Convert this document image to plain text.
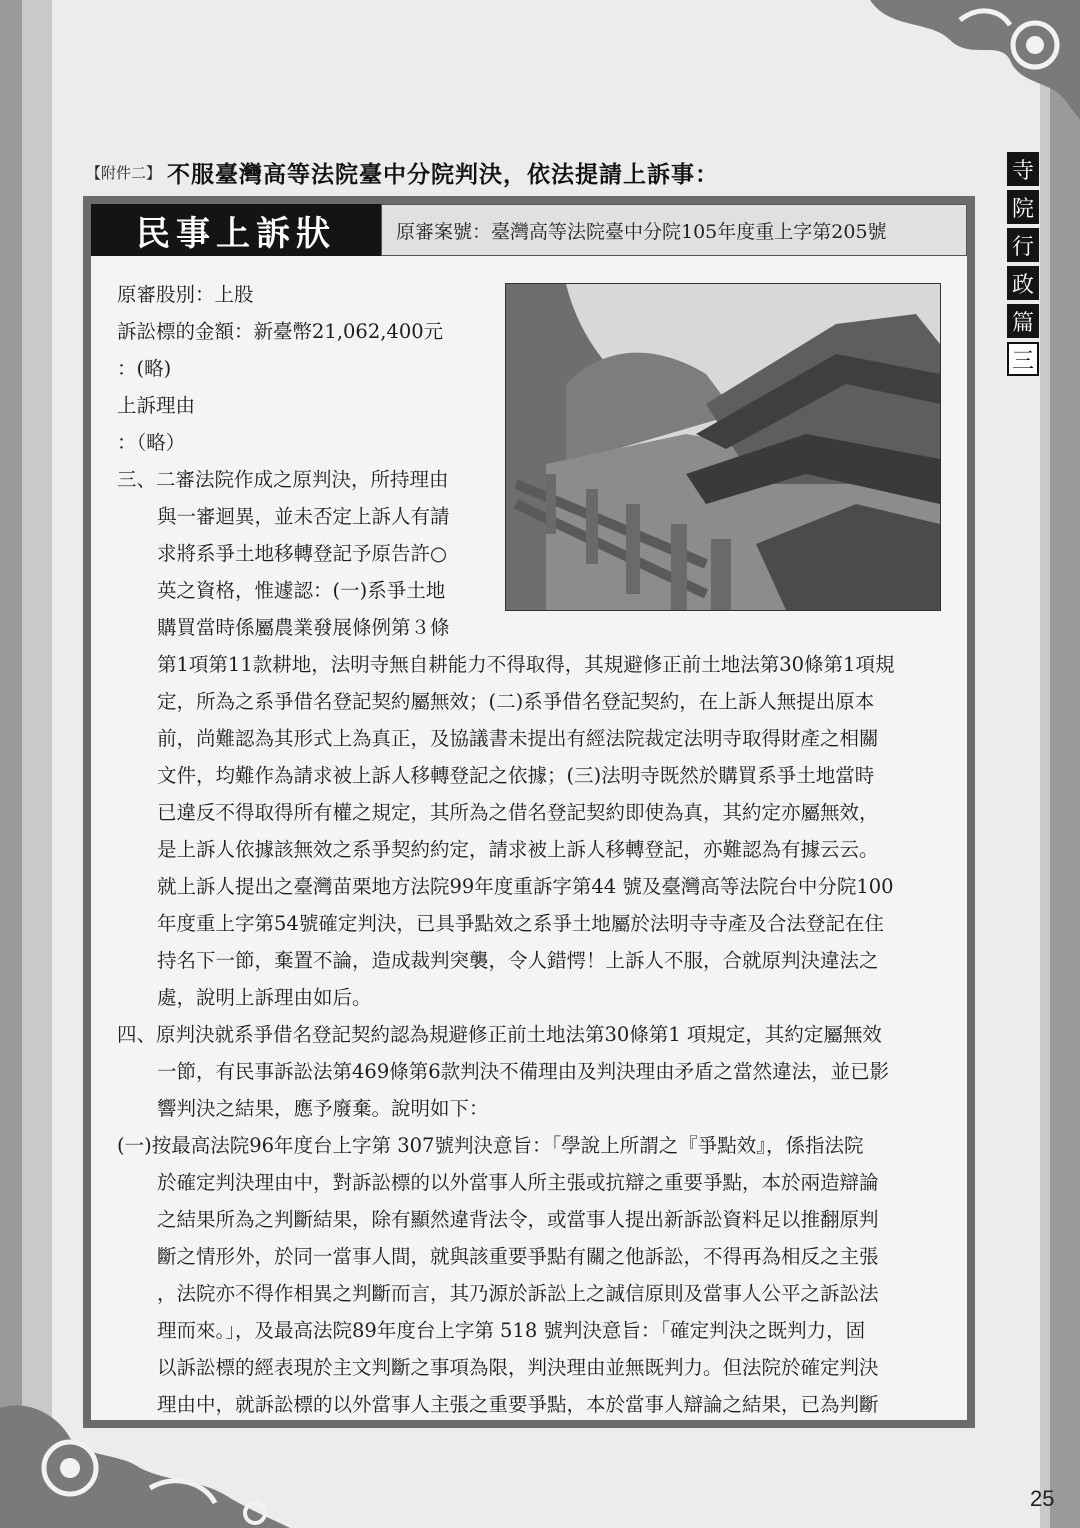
【附件二】 不服臺灣高等法院臺中分院判決，依法提請上訴事：	寺
院
行
政
篇
三
民事上訴狀	原審案號：臺灣高等法院臺中分院105年度重上字第205號
原審股別：上股
訴訟標的金額：新臺幣21,062,400元
：(略)
上訴理由
：（略）
三、二審法院作成之原判決，所持理由
與一審迴異，並未否定上訴人有請
求將系爭土地移轉登記予原告許○
英之資格，惟遽認：(一)系爭土地
購買當時係屬農業發展條例第３條
第1項第11款耕地，法明寺無自耕能力不得取得，其規避修正前土地法第30條第1項規
定，所為之系爭借名登記契約屬無效；(二)系爭借名登記契約，在上訴人無提出原本
前，尚難認為其形式上為真正，及協議書未提出有經法院裁定法明寺取得財產之相關
文件，均難作為請求被上訴人移轉登記之依據；(三)法明寺既然於購買系爭土地當時
已違反不得取得所有權之規定，其所為之借名登記契約即使為真，其約定亦屬無效，
是上訴人依據該無效之系爭契約約定，請求被上訴人移轉登記，亦難認為有據云云。
就上訴人提出之臺灣苗栗地方法院99年度重訴字第44 號及臺灣高等法院台中分院100
年度重上字第54號確定判決，已具爭點效之系爭土地屬於法明寺寺產及合法登記在住
持名下一節，棄置不論，造成裁判突襲，令人錯愕！上訴人不服，合就原判決違法之
處，說明上訴理由如后。
四、原判決就系爭借名登記契約認為規避修正前土地法第30條第1 項規定，其約定屬無效
一節，有民事訴訟法第469條第6款判決不備理由及判決理由矛盾之當然違法，並已影
響判決之結果，應予廢棄。說明如下：
(一)按最高法院96年度台上字第 307號判決意旨：「學說上所謂之『爭點效』，係指法院
於確定判決理由中，對訴訟標的以外當事人所主張或抗辯之重要爭點，本於兩造辯論
之結果所為之判斷結果，除有顯然違背法令，或當事人提出新訴訟資料足以推翻原判
斷之情形外，於同一當事人間，就與該重要爭點有關之他訴訟，不得再為相反之主張
，法院亦不得作相異之判斷而言，其乃源於訴訟上之誠信原則及當事人公平之訴訟法
理而來。」，及最高法院89年度台上字第 518 號判決意旨：「確定判決之既判力，固
以訴訟標的經表現於主文判斷之事項為限，判決理由並無既判力。但法院於確定判決
理由中，就訴訟標的以外當事人主張之重要爭點，本於當事人辯論之結果，已為判斷
25
